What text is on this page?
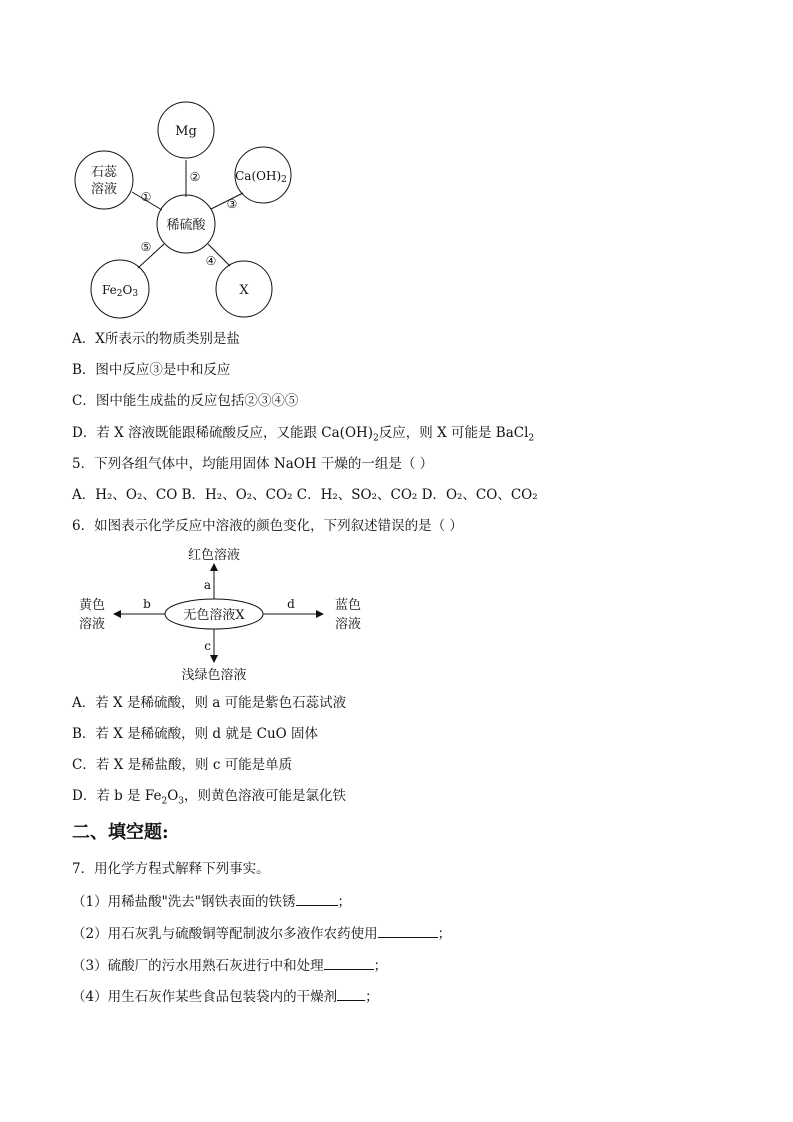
Mg
石蕊
溶液
Ca(OH)2
稀硫酸
Fe2O3	X
①
②
③
④
⑤
A．X所表示的物质类别是盐
B．图中反应③是中和反应
C．图中能生成盐的反应包括②③④⑤
D．若 X 溶液既能跟稀硫酸反应，又能跟 $Ca(OH)_2$反应，则 X 可能是 BaCl$_2$
5．下列各组气体中，均能用固体 NaOH 干燥的一组是（ ）
A．H₂、O₂、CO B．H₂、O₂、CO₂ C．H₂、SO₂、CO₂ D．O₂、CO、CO₂
6．如图表示化学反应中溶液的颜色变化，下列叙述错误的是（ ）
无色溶液X
红色溶液
浅绿色溶液
黄色
溶液
蓝色
溶液
a
c
b	d
A．若 X 是稀硫酸，则 a 可能是紫色石蕊试液
B．若 X 是稀硫酸，则 d 就是 CuO 固体
C．若 X 是稀盐酸，则 c 可能是单质
D．若 b 是 $Fe_2O_3$，则黄色溶液可能是氯化铁
二、填空题:
7．用化学方程式解释下列事实。
（1）用稀盐酸"洗去"钢铁表面的铁锈	；
（2）用石灰乳与硫酸铜等配制波尔多液作农药使用	；
（3）硫酸厂的污水用熟石灰进行中和处理	；
（4）用生石灰作某些食品包装袋内的干燥剂 ；
